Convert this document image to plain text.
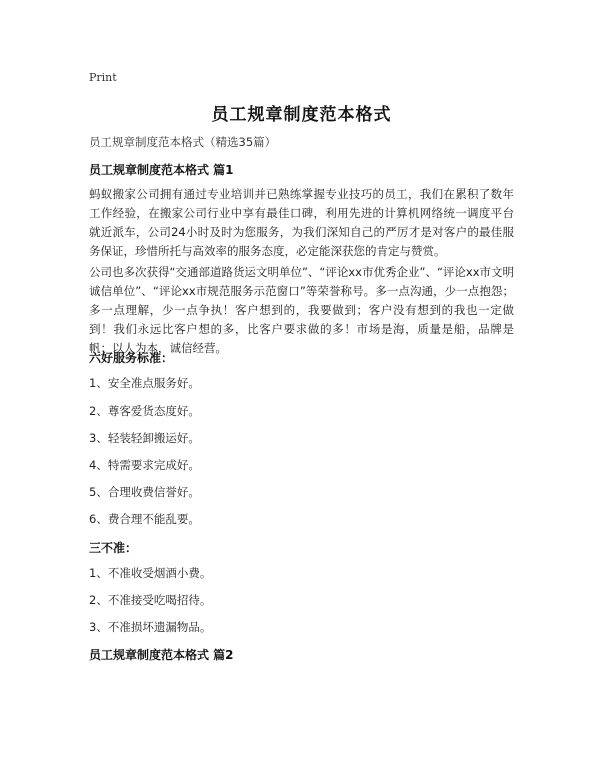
Print
员工规章制度范本格式
员工规章制度范本格式（精选35篇）
员工规章制度范本格式 篇1
蚂蚁搬家公司拥有通过专业培训并已熟练掌握专业技巧的员工，我们在累积了数年工作经验，在搬家公司行业中享有最佳口碑，利用先进的计算机网络统一调度平台就近派车，公司24小时及时为您服务，为我们深知自己的严厉才是对客户的最佳服务保证，珍惜所托与高效率的服务态度，必定能深获您的肯定与赞赏。
公司也多次获得“交通部道路货运文明单位”、“评论xx市优秀企业”、“评论xx市文明诚信单位”、“评论xx市规范服务示范窗口”等荣誉称号。多一点沟通，少一点抱怨；多一点理解，少一点争执！客户想到的，我要做到；客户没有想到的我也一定做到！我们永远比客户想的多，比客户要求做的多！市场是海，质量是船，品牌是帆；以人为本，诚信经营。
六好服务标准：
1、安全准点服务好。
2、尊客爱货态度好。
3、轻装轻卸搬运好。
4、特需要求完成好。
5、合理收费信誉好。
6、费合理不能乱要。
三不准：
1、不准收受烟酒小费。
2、不准接受吃喝招待。
3、不准损坏遗漏物品。
员工规章制度范本格式 篇2
